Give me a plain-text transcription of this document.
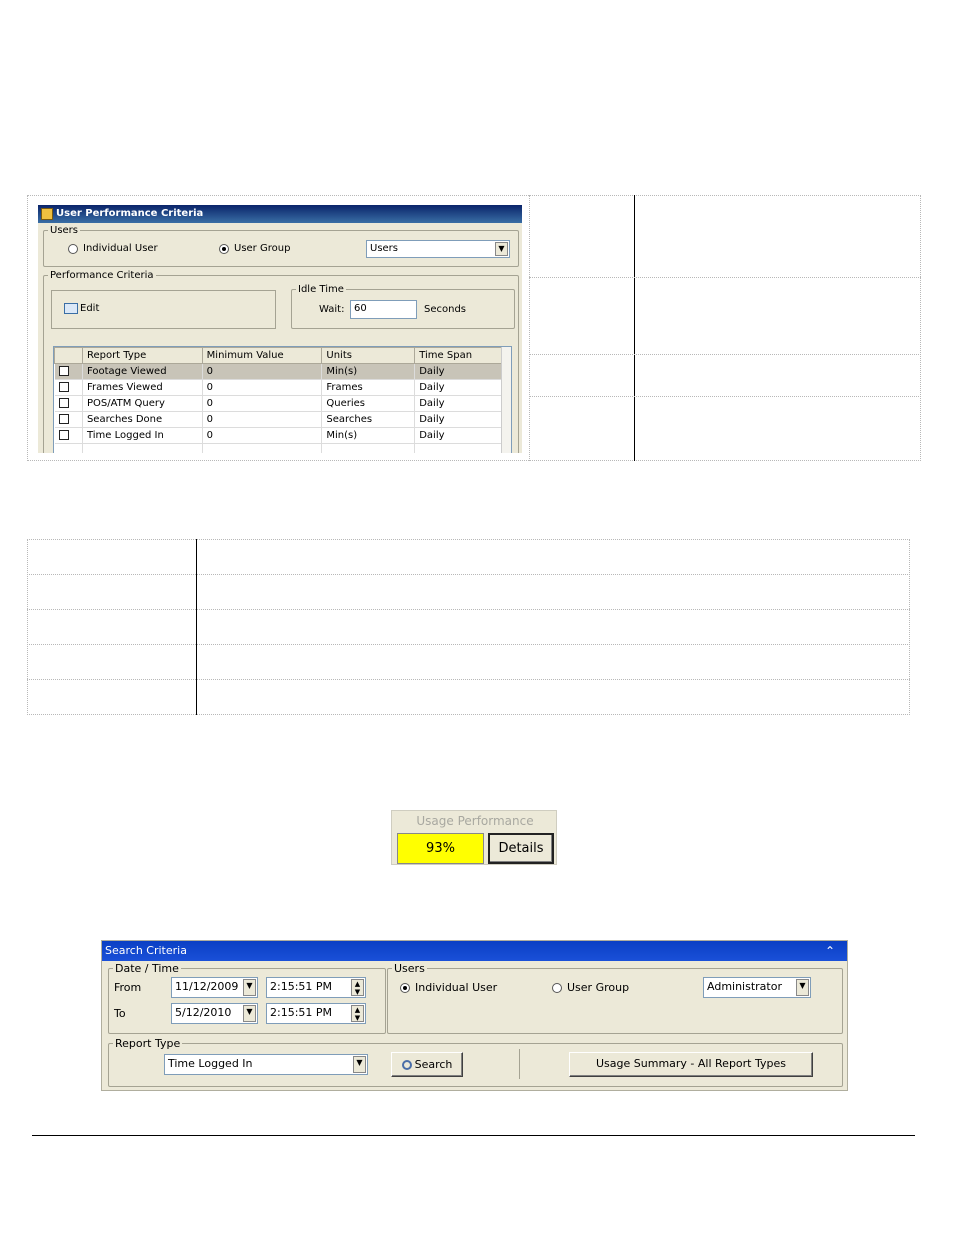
User Performance Criteria
Users
Individual User	User Group	Users	▼
Performance Criteria
Edit
Idle Time
Wait: 60	Seconds
	Report Type	Minimum Value	Units	Time Span
	Footage Viewed	0	Min(s)	Daily
	Frames Viewed	0	Frames	Daily
	POS/ATM Query	0	Queries	Daily
	Searches Done	0	Searches	Daily
	Time Logged In	0	Min(s)	Daily

Usage Performance
93%	Details
Search Criteria	⌃
Date / Time
From	11/12/2009	▼	2:15:51 PM	▲
▼
To	5/12/2010	▼	2:15:51 PM	▲
▼
Users
Individual User	User Group	Administrator	▼
Report Type
Time Logged In	▼	Search	Usage Summary - All Report Types
